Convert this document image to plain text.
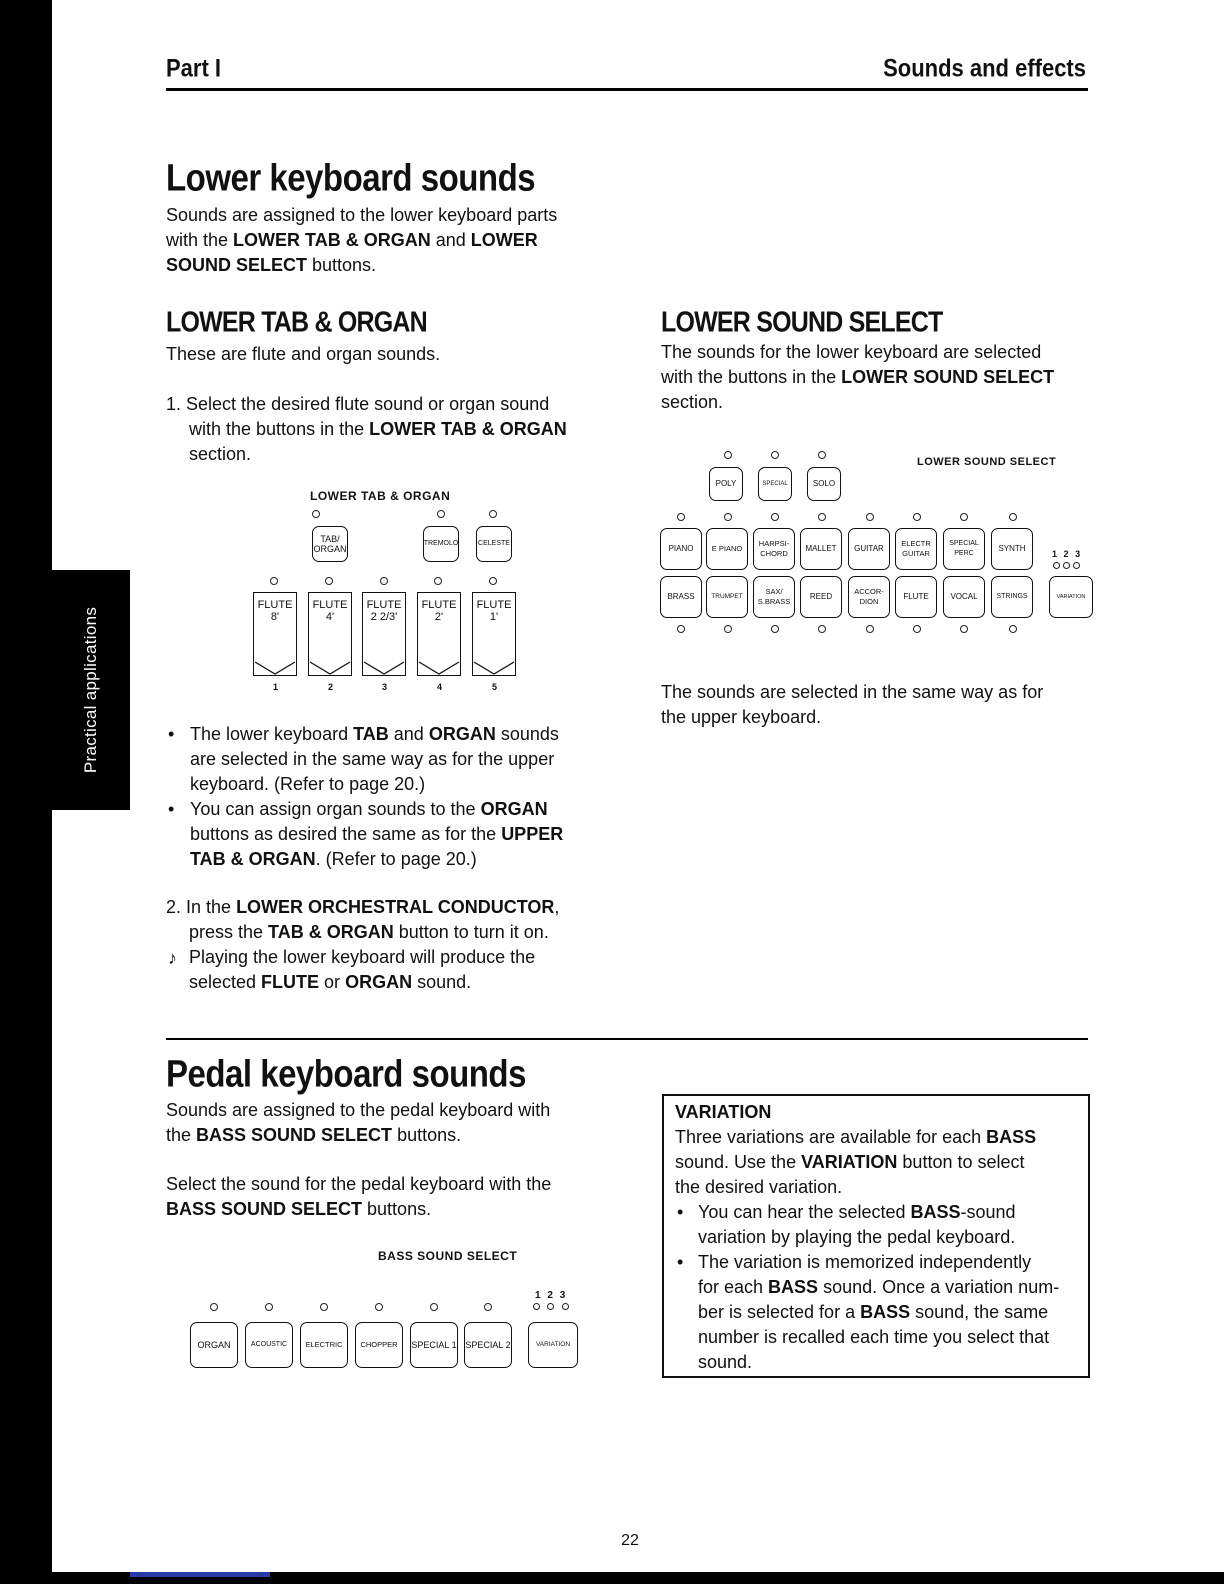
Practical applications
Part I	Sounds and effects
Lower keyboard sounds
Sounds are assigned to the lower keyboard parts
with the LOWER TAB & ORGAN and LOWER
SOUND SELECT buttons.
LOWER TAB & ORGAN
These are flute and organ sounds.
1. Select the desired flute sound or organ sound
with the buttons in the LOWER TAB & ORGAN
section.
LOWER TAB & ORGAN
TAB/ ORGAN
TREMOLO	CELESTE
FLUTE 8'
FLUTE 4'
FLUTE 2 2/3'
FLUTE 2'
FLUTE 1'
1	2	3	4	5
• The lower keyboard TAB and ORGAN sounds
are selected in the same way as for the upper
keyboard. (Refer to page 20.)
• You can assign organ sounds to the ORGAN
buttons as desired the same as for the UPPER
TAB & ORGAN. (Refer to page 20.)
2. In the LOWER ORCHESTRAL CONDUCTOR,
press the TAB & ORGAN button to turn it on.

♪ Playing the lower keyboard will produce the
selected FLUTE or ORGAN sound.
LOWER SOUND SELECT
The sounds for the lower keyboard are selected
with the buttons in the LOWER SOUND SELECT
section.
LOWER SOUND SELECT
POLY	SPECIAL	SOLO
PIANO	E PIANO
HARPSI-CHORD
MALLET	GUITAR
ELECTR GUITAR
SPECIAL PERC
SYNTH
1 2 3
BRASS	TRUMPET
SAX/ S.BRASS
REED
ACCOR-DION
FLUTE	VOCAL	STRINGS	VARIATION
The sounds are selected in the same way as for
the upper keyboard.
Pedal keyboard sounds
Sounds are assigned to the pedal keyboard with
the BASS SOUND SELECT buttons.
Select the sound for the pedal keyboard with the
BASS SOUND SELECT buttons.
BASS SOUND SELECT
1 2 3
ORGAN	ACOUSTIC	ELECTRIC	CHOPPER	SPECIAL 1 SPECIAL 2	VARIATION
VARIATION
Three variations are available for each BASS
sound. Use the VARIATION button to select
the desired variation.
• You can hear the selected BASS-sound
variation by playing the pedal keyboard.
• The variation is memorized independently
for each BASS sound. Once a variation num-
ber is selected for a BASS sound, the same
number is recalled each time you select that
sound.
22
